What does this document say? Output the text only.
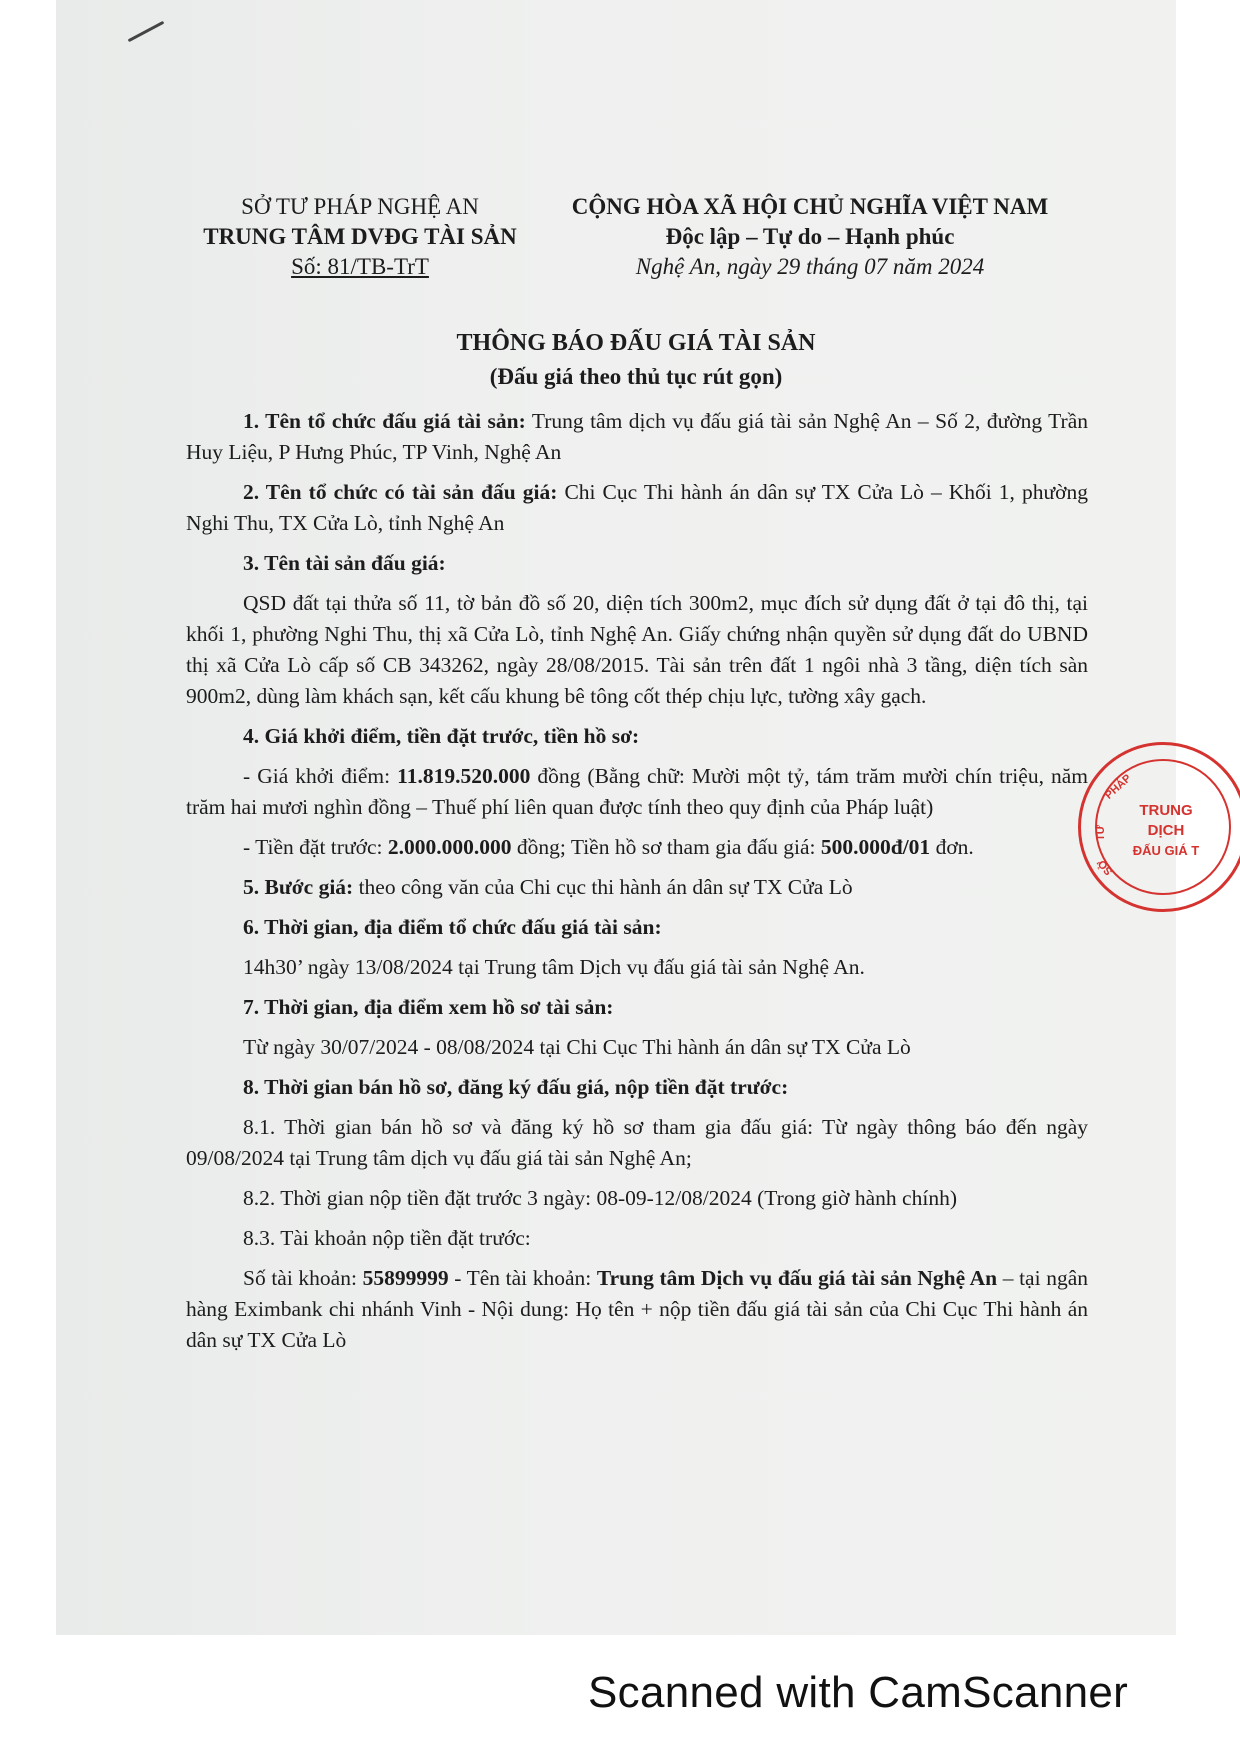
SỞ TƯ PHÁP NGHỆ AN
TRUNG TÂM DVĐG TÀI SẢN
Số: 81/TB-TrT
CỘNG HÒA XÃ HỘI CHỦ NGHĨA VIỆT NAM
Độc lập – Tự do – Hạnh phúc
Nghệ An, ngày 29 tháng 07 năm 2024
THÔNG BÁO ĐẤU GIÁ TÀI SẢN
(Đấu giá theo thủ tục rút gọn)

1. Tên tổ chức đấu giá tài sản: Trung tâm dịch vụ đấu giá tài sản Nghệ An – Số 2, đường Trần Huy Liệu, P Hưng Phúc, TP Vinh, Nghệ An

2. Tên tổ chức có tài sản đấu giá: Chi Cục Thi hành án dân sự TX Cửa Lò – Khối 1, phường Nghi Thu, TX Cửa Lò, tỉnh Nghệ An

3. Tên tài sản đấu giá:

QSD đất tại thửa số 11, tờ bản đồ số 20, diện tích 300m2, mục đích sử dụng đất ở tại đô thị, tại khối 1, phường Nghi Thu, thị xã Cửa Lò, tỉnh Nghệ An. Giấy chứng nhận quyền sử dụng đất do UBND thị xã Cửa Lò cấp số CB 343262, ngày 28/08/2015. Tài sản trên đất 1 ngôi nhà 3 tầng, diện tích sàn 900m2, dùng làm khách sạn, kết cấu khung bê tông cốt thép chịu lực, tường xây gạch.

4. Giá khởi điểm, tiền đặt trước, tiền hồ sơ:

- Giá khởi điểm: 11.819.520.000 đồng (Bằng chữ: Mười một tỷ, tám trăm mười chín triệu, năm trăm hai mươi nghìn đồng – Thuế phí liên quan được tính theo quy định của Pháp luật)

- Tiền đặt trước: 2.000.000.000 đồng; Tiền hồ sơ tham gia đấu giá: 500.000đ/01 đơn.

5. Bước giá: theo công văn của Chi cục thi hành án dân sự TX Cửa Lò

6. Thời gian, địa điểm tổ chức đấu giá tài sản:

14h30’ ngày 13/08/2024 tại Trung tâm Dịch vụ đấu giá tài sản Nghệ An.

7. Thời gian, địa điểm xem hồ sơ tài sản:

Từ ngày 30/07/2024 - 08/08/2024 tại Chi Cục Thi hành án dân sự TX Cửa Lò

8. Thời gian bán hồ sơ, đăng ký đấu giá, nộp tiền đặt trước:

8.1. Thời gian bán hồ sơ và đăng ký hồ sơ tham gia đấu giá: Từ ngày thông báo đến ngày 09/08/2024 tại Trung tâm dịch vụ đấu giá tài sản Nghệ An;

8.2. Thời gian nộp tiền đặt trước 3 ngày: 08-09-12/08/2024 (Trong giờ hành chính)

8.3. Tài khoản nộp tiền đặt trước:

Số tài khoản: 55899999 - Tên tài khoản: Trung tâm Dịch vụ đấu giá tài sản Nghệ An – tại ngân hàng Eximbank chi nhánh Vinh - Nội dung: Họ tên + nộp tiền đấu giá tài sản của Chi Cục Thi hành án dân sự TX Cửa Lò

PHÁP
TƯ
SỞ
TRUNG
DỊCH
ĐẤU GIÁ T
Scanned with CamScanner
